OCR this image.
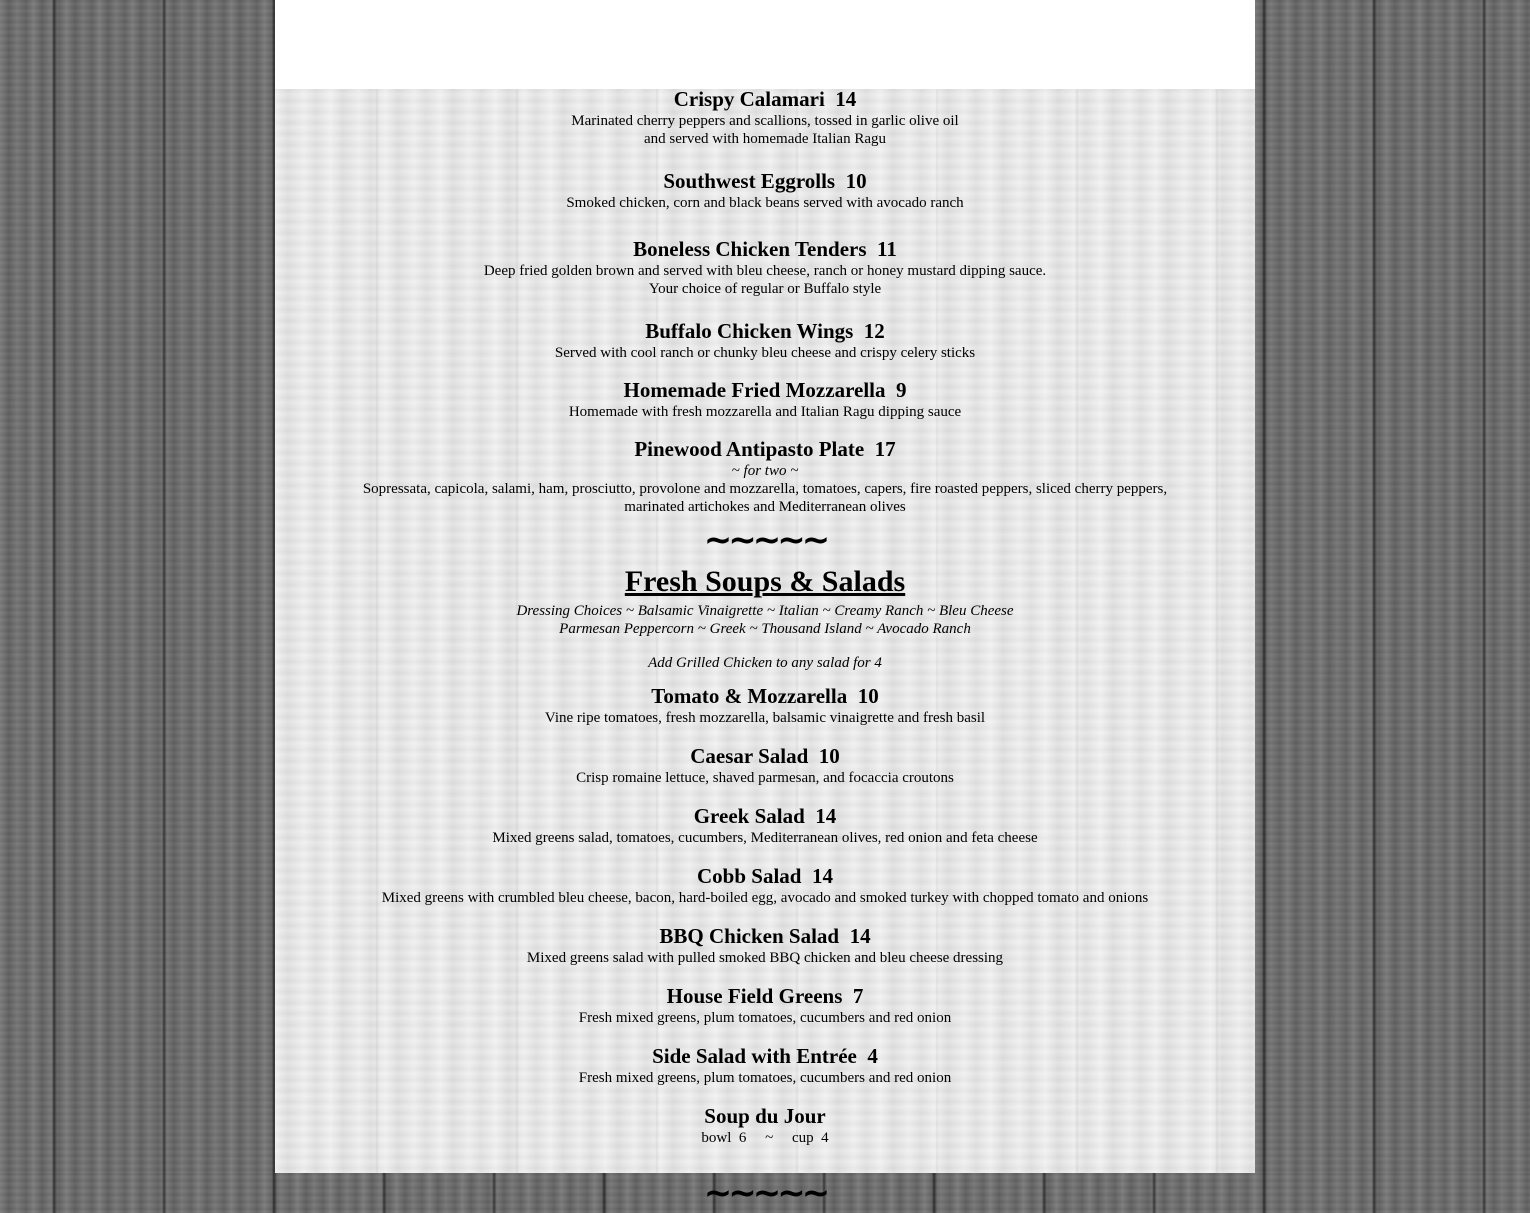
Crispy Calamari  14

Marinated cherry peppers and scallions, tossed in garlic olive oil

and served with homemade Italian Ragu

Southwest Eggrolls  10

Smoked chicken, corn and black beans served with avocado ranch

Boneless Chicken Tenders  11

Deep fried golden brown and served with bleu cheese, ranch or honey mustard dipping sauce.

Your choice of regular or Buffalo style

Buffalo Chicken Wings  12

Served with cool ranch or chunky bleu cheese and crispy celery sticks

Homemade Fried Mozzarella  9

Homemade with fresh mozzarella and Italian Ragu dipping sauce

Pinewood Antipasto Plate  17

~ for two ~

Sopressata, capicola, salami, ham, prosciutto, provolone and mozzarella, tomatoes, capers, fire roasted peppers, sliced cherry peppers,

marinated artichokes and Mediterranean olives

~~~~~

Fresh Soups & Salads

Dressing Choices ~ Balsamic Vinaigrette ~ Italian ~ Creamy Ranch ~ Bleu Cheese

Parmesan Peppercorn ~ Greek ~ Thousand Island ~ Avocado Ranch

Add Grilled Chicken to any salad for 4

Tomato & Mozzarella  10

Vine ripe tomatoes, fresh mozzarella, balsamic vinaigrette and fresh basil

Caesar Salad  10

Crisp romaine lettuce, shaved parmesan, and focaccia croutons

Greek Salad  14

Mixed greens salad, tomatoes, cucumbers, Mediterranean olives, red onion and feta cheese

Cobb Salad  14

Mixed greens with crumbled bleu cheese, bacon, hard-boiled egg, avocado and smoked turkey with chopped tomato and onions

BBQ Chicken Salad  14

Mixed greens salad with pulled smoked BBQ chicken and bleu cheese dressing

House Field Greens  7

Fresh mixed greens, plum tomatoes, cucumbers and red onion

Side Salad with Entrée  4

Fresh mixed greens, plum tomatoes, cucumbers and red onion

Soup du Jour

bowl  6     ~     cup  4

~~~~~
